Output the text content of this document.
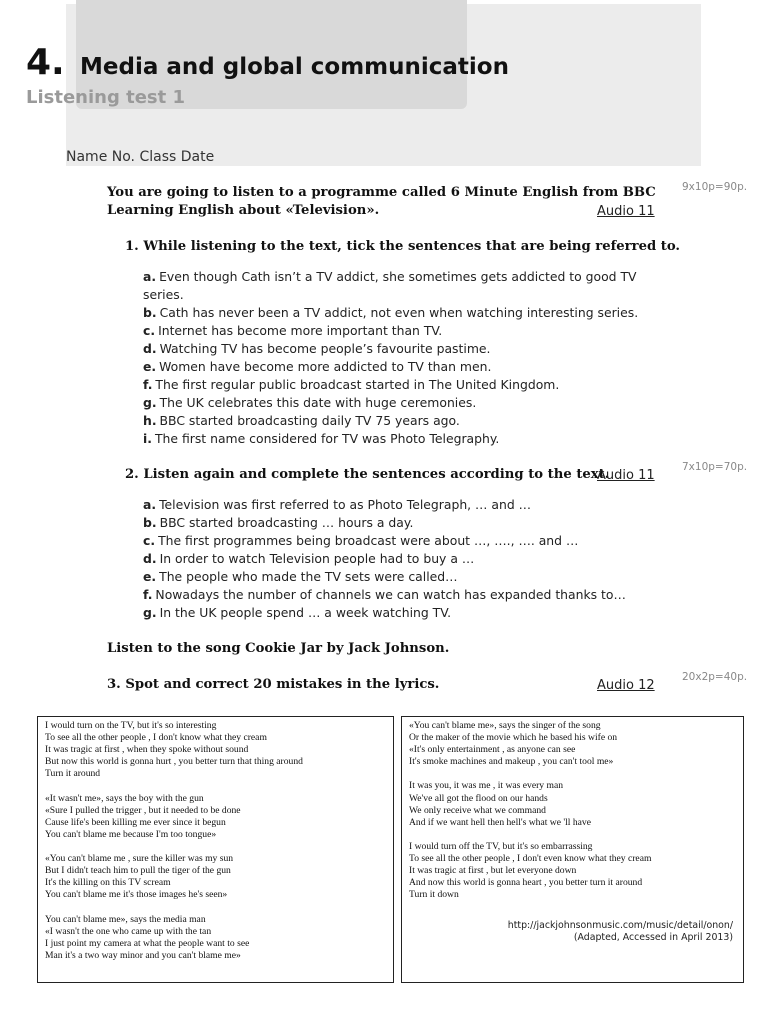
4. Media and global communication
Listening test 1
Name No. Class Date
You are going to listen to a programme called 6 Minute English from BBC Learning English about «Television».	Audio 11
9x10p=90p.
1. While listening to the text, tick the sentences that are being referred to.
a. Even though Cath isn’t a TV addict, she sometimes gets addicted to good TV series.
b. Cath has never been a TV addict, not even when watching interesting series.
c. Internet has become more important than TV.
d. Watching TV has become people’s favourite pastime.
e. Women have become more addicted to TV than men.
f. The first regular public broadcast started in The United Kingdom.
g. The UK celebrates this date with huge ceremonies.
h. BBC started broadcasting daily TV 75 years ago.
i. The first name considered for TV was Photo Telegraphy.
2. Listen again and complete the sentences according to the text.
Audio 11
7x10p=70p.
a. Television was first referred to as Photo Telegraph, … and …
b. BBC started broadcasting … hours a day.
c. The first programmes being broadcast were about …, …., …. and …
d. In order to watch Television people had to buy a …
e. The people who made the TV sets were called…
f. Nowadays the number of channels we can watch has expanded thanks to…
g. In the UK people spend … a week watching TV.
Listen to the song Cookie Jar by Jack Johnson.
3. Spot and correct 20 mistakes in the lyrics.	Audio 12
20x2p=40p.
I would turn on the TV, but it's so interesting
To see all the other people , I don't know what they cream
It was tragic at first , when they spoke without sound
But now this world is gonna hurt , you better turn that thing around
Turn it around
«It wasn't me», says the boy with the gun
«Sure I pulled the trigger , but it needed to be done
Cause life's been killing me ever since it begun
You can't blame me because I'm too tongue»
«You can't blame me , sure the killer was my sun
But I didn't teach him to pull the tiger of the gun
It's the killing on this TV scream
You can't blame me it's those images he's seen»
You can't blame me», says the media man
«I wasn't the one who came up with the tan
I just point my camera at what the people want to see
Man it's a two way minor and you can't blame me»
«You can't blame me», says the singer of the song
Or the maker of the movie which he based his wife on
«It's only entertainment , as anyone can see
It's smoke machines and makeup , you can't tool me»
It was you, it was me , it was every man
We've all got the flood on our hands
We only receive what we command
And if we want hell then hell's what we 'll have
I would turn off the TV, but it's so embarrassing
To see all the other people , I don't even know what they cream
It was tragic at first , but let everyone down
And now this world is gonna heart , you better turn it around
Turn it down
http://jackjohnsonmusic.com/music/detail/onon/
(Adapted, Accessed in April 2013)
